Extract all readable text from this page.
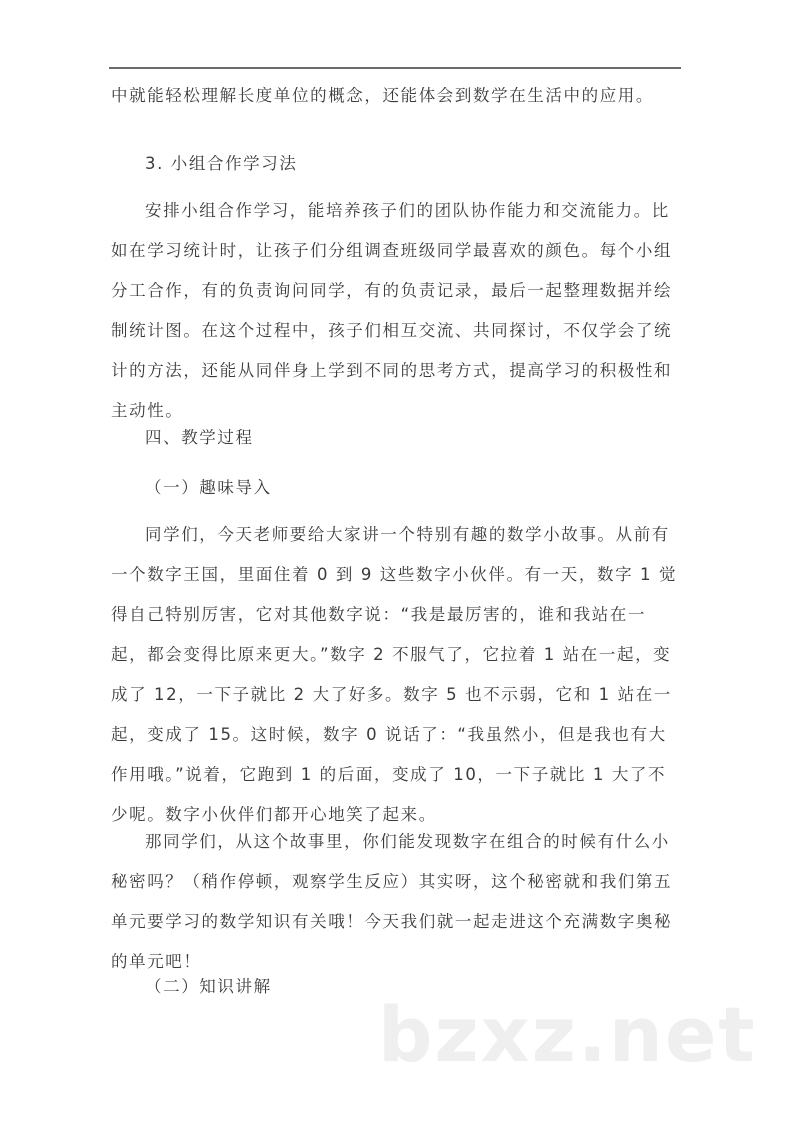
中就能轻松理解长度单位的概念，还能体会到数学在生活中的应用。

3. 小组合作学习法

安排小组合作学习，能培养孩子们的团队协作能力和交流能力。比如在学习统计时，让孩子们分组调查班级同学最喜欢的颜色。每个小组分工合作，有的负责询问同学，有的负责记录，最后一起整理数据并绘制统计图。在这个过程中，孩子们相互交流、共同探讨，不仅学会了统计的方法，还能从同伴身上学到不同的思考方式，提高学习的积极性和主动性。

四、教学过程

（一）趣味导入

同学们，今天老师要给大家讲一个特别有趣的数学小故事。从前有一个数字王国，里面住着 0 到 9 这些数字小伙伴。有一天，数字 1 觉得自己特别厉害，它对其他数字说：“我是最厉害的，谁和我站在一起，都会变得比原来更大。”数字 2 不服气了，它拉着 1 站在一起，变成了 12，一下子就比 2 大了好多。数字 5 也不示弱，它和 1 站在一起，变成了 15。这时候，数字 0 说话了：“我虽然小，但是我也有大作用哦。”说着，它跑到 1 的后面，变成了 10，一下子就比 1 大了不少呢。数字小伙伴们都开心地笑了起来。

那同学们，从这个故事里，你们能发现数字在组合的时候有什么小秘密吗？（稍作停顿，观察学生反应）其实呀，这个秘密就和我们第五单元要学习的数学知识有关哦！今天我们就一起走进这个充满数字奥秘的单元吧！

（二）知识讲解

bzxz.net
